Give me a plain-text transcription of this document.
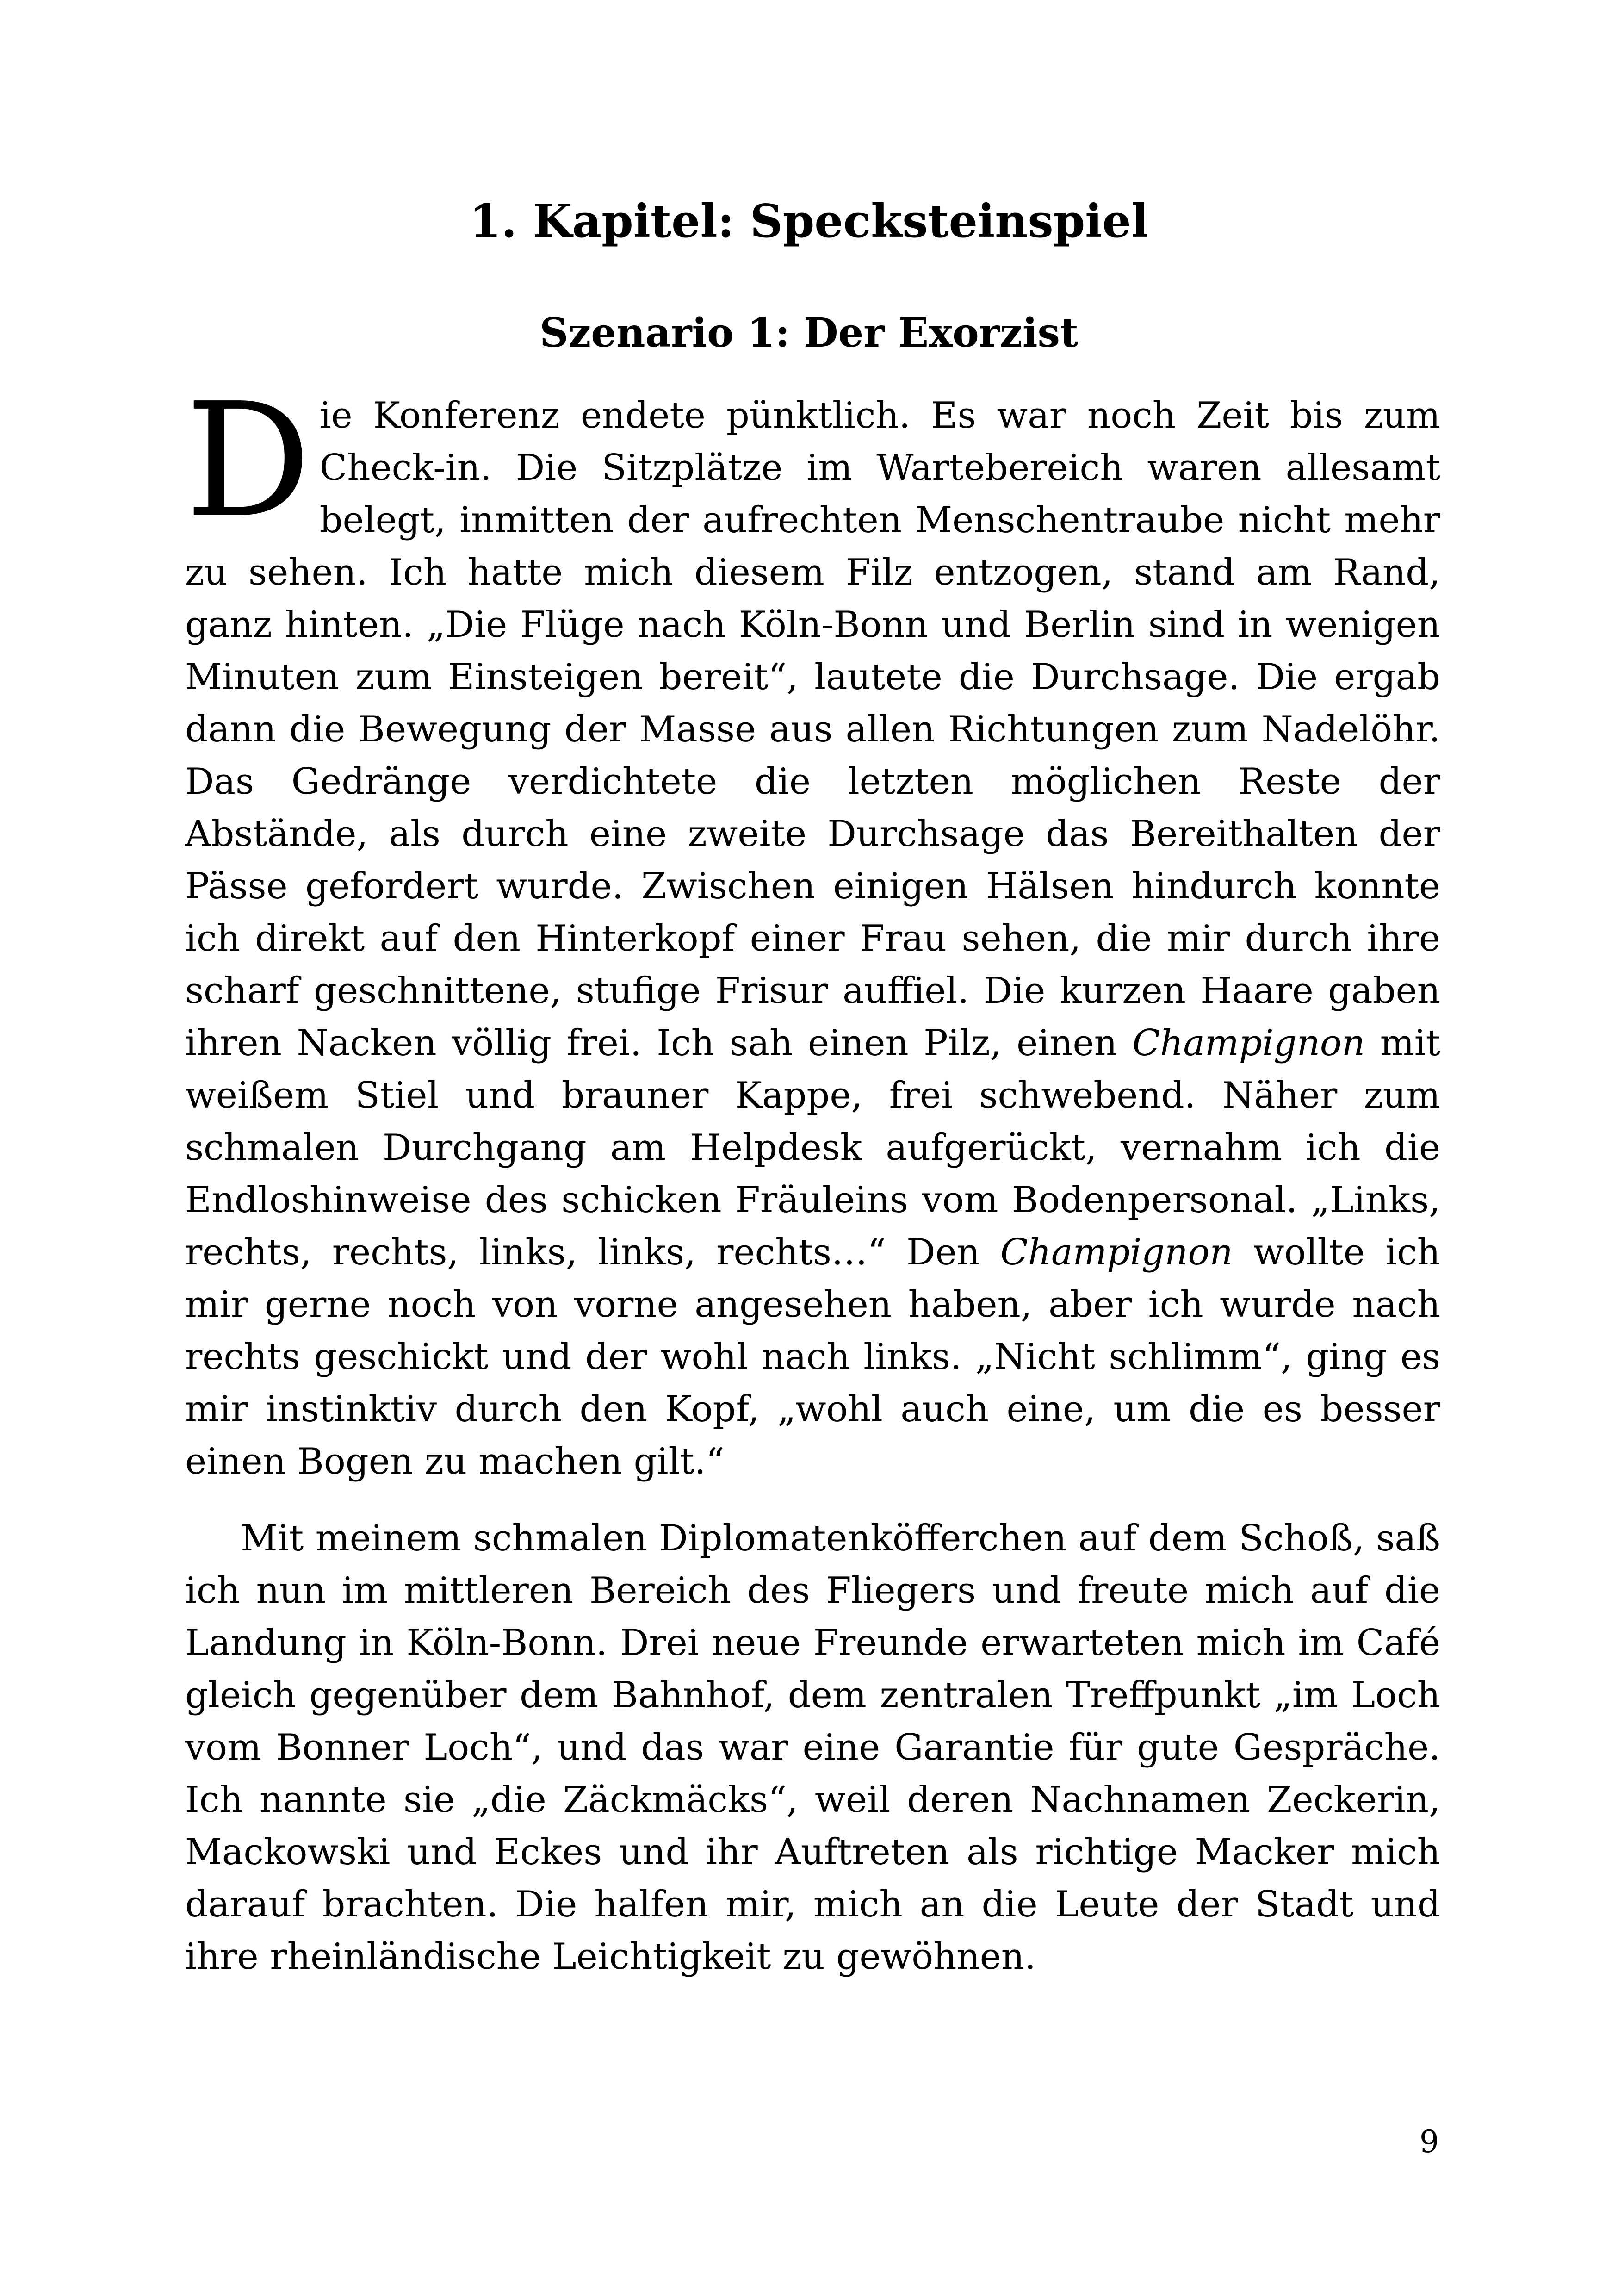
1. Kapitel: Specksteinspiel
Szenario 1: Der Exorzist

Die Konferenz endete pünktlich. Es war noch Zeit bis zum Check-in. Die Sitzplätze im Wartebereich waren allesamt belegt, inmitten der aufrechten Menschentraube nicht mehr zu sehen. Ich hatte mich diesem Filz entzogen, stand am Rand, ganz hinten. „Die Flüge nach Köln-Bonn und Berlin sind in wenigen Minuten zum Einsteigen bereit“, lautete die Durchsage. Die ergab dann die Bewegung der Masse aus allen Richtungen zum Nadelöhr. Das Gedränge verdichtete die letzten möglichen Reste der Abstände, als durch eine zweite Durchsage das Bereithalten der Pässe gefordert wurde. Zwischen einigen Hälsen hindurch konnte ich direkt auf den Hinterkopf einer Frau sehen, die mir durch ihre scharf geschnittene, stufige Frisur auffiel. Die kurzen Haare gaben ihren Nacken völlig frei. Ich sah einen Pilz, einen Champignon mit weißem Stiel und brauner Kappe, frei schwebend. Näher zum schmalen Durchgang am Helpdesk aufgerückt, vernahm ich die Endloshinweise des schicken Fräuleins vom Bodenpersonal. „Links, rechts, rechts, links, links, rechts…“ Den Champignon wollte ich mir gerne noch von vorne angesehen haben, aber ich wurde nach rechts geschickt und der wohl nach links. „Nicht schlimm“, ging es mir instinktiv durch den Kopf, „wohl auch eine, um die es besser einen Bogen zu machen gilt.“

Mit meinem schmalen Diplomatenköfferchen auf dem Schoß, saß ich nun im mittleren Bereich des Fliegers und freute mich auf die Landung in Köln-Bonn. Drei neue Freunde erwarteten mich im Café gleich gegenüber dem Bahnhof, dem zentralen Treffpunkt „im Loch vom Bonner Loch“, und das war eine Garantie für gute Gespräche. Ich nannte sie „die Zäckmäcks“, weil deren Nachnamen Zeckerin, Mackowski und Eckes und ihr Auftreten als richtige Macker mich darauf brachten. Die halfen mir, mich an die Leute der Stadt und ihre rheinländische Leichtigkeit zu gewöhnen.

9
